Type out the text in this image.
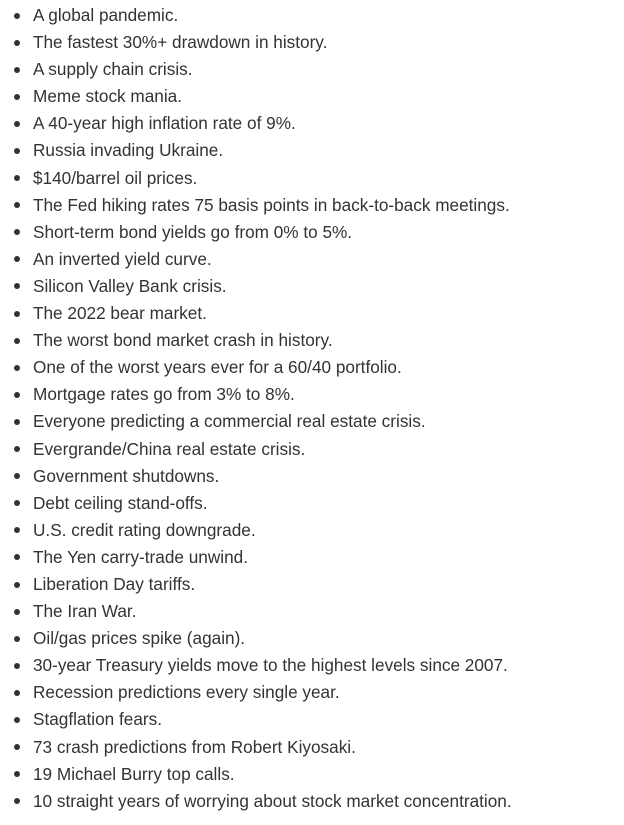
A global pandemic.
The fastest 30%+ drawdown in history.
A supply chain crisis.
Meme stock mania.
A 40-year high inflation rate of 9%.
Russia invading Ukraine.
$140/barrel oil prices.
The Fed hiking rates 75 basis points in back-to-back meetings.
Short-term bond yields go from 0% to 5%.
An inverted yield curve.
Silicon Valley Bank crisis.
The 2022 bear market.
The worst bond market crash in history.
One of the worst years ever for a 60/40 portfolio.
Mortgage rates go from 3% to 8%.
Everyone predicting a commercial real estate crisis.
Evergrande/China real estate crisis.
Government shutdowns.
Debt ceiling stand-offs.
U.S. credit rating downgrade.
The Yen carry-trade unwind.
Liberation Day tariffs.
The Iran War.
Oil/gas prices spike (again).
30-year Treasury yields move to the highest levels since 2007.
Recession predictions every single year.
Stagflation fears.
73 crash predictions from Robert Kiyosaki.
19 Michael Burry top calls.
10 straight years of worrying about stock market concentration.
